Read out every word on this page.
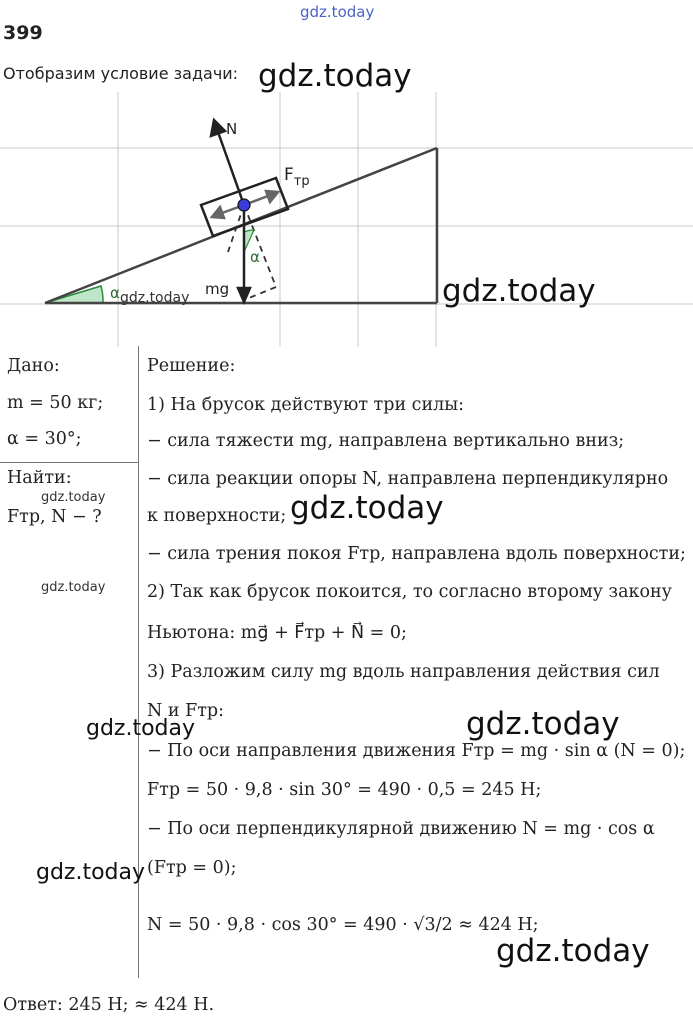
gdz.today
399
Отобразим условие задачи: gdz.today
N
$F_{тр}$
mg
α
α
gdz.today	gdz.today
Дано:
m = 50 кг;
α = 30°;
Найти:
Fтр, N − ?
gdz.today
gdz.today
Решение:
1) На брусок действуют три силы:
− сила тяжести mg, направлена вертикально вниз;
− сила реакции опоры N, направлена перпендикулярно
к поверхности;
− сила трения покоя Fтр, направлена вдоль поверхности;
2) Так как брусок покоится, то согласно второму закону
Ньютона: mg⃗ + F⃗тр + N⃗ = 0;
3) Разложим силу mg вдоль направления действия сил
N и Fтр:
− По оси направления движения Fтр = mg · sin α (N = 0);
Fтр = 50 · 9,8 · sin 30° = 490 · 0,5 = 245 Н;
− По оси перпендикулярной движению N = mg · cos α
(Fтр = 0);
N = 50 · 9,8 · cos 30° = 490 · √3/2 ≈ 424 Н;
gdz.today
gdz.today	gdz.today
gdz.today
gdz.today
Ответ: 245 Н; ≈ 424 Н.
